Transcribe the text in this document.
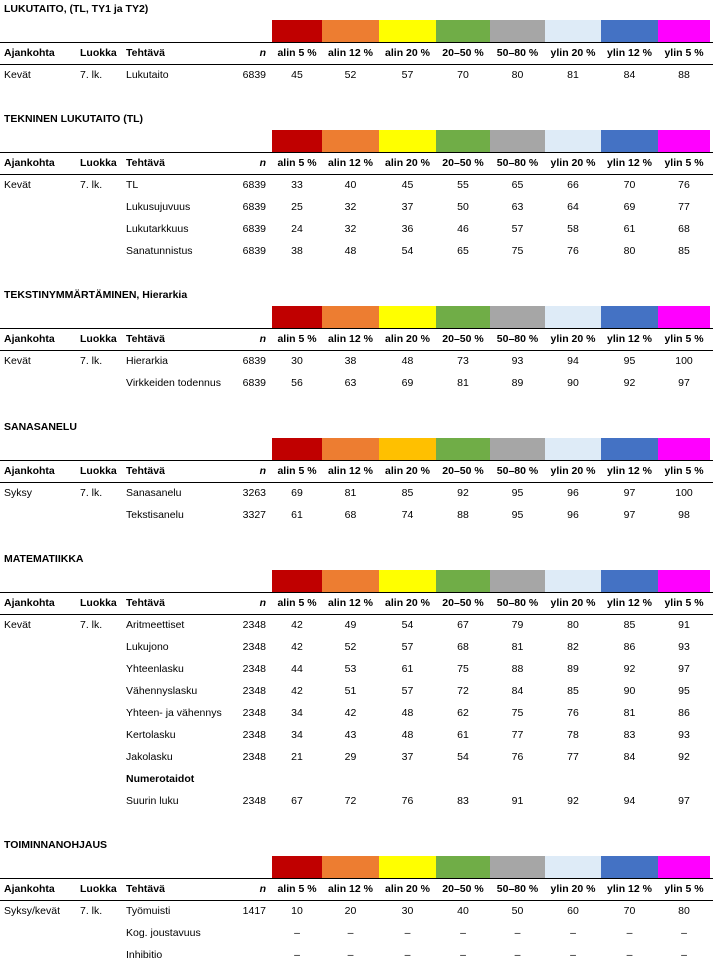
LUKUTAITO, (TL, TY1 ja TY2)
Ajankohta Luokka Tehtävä	n	alin 5 %	alin 12 %	alin 20 %	20–50 %	50–80 %	ylin 20 %	ylin 12 %	ylin 5 %
Kevät	7. lk. Lukutaito	6839	45	52	57	70	80	81	84	88
TEKNINEN LUKUTAITO (TL)
Ajankohta Luokka Tehtävä	n	alin 5 %	alin 12 %	alin 20 %	20–50 %	50–80 %	ylin 20 %	ylin 12 %	ylin 5 %
Kevät	7. lk. TL	6839	33	40	45	55	65	66	70	76
Lukusujuvuus	6839	25	32	37	50	63	64	69	77
Lukutarkkuus	6839	24	32	36	46	57	58	61	68
Sanatunnistus	6839	38	48	54	65	75	76	80	85
TEKSTINYMMÄRTÄMINEN, Hierarkia
Ajankohta Luokka Tehtävä	n	alin 5 %	alin 12 %	alin 20 %	20–50 %	50–80 %	ylin 20 %	ylin 12 %	ylin 5 %
Kevät	7. lk. Hierarkia	6839	30	38	48	73	93	94	95	100
Virkkeiden todennus	6839	56	63	69	81	89	90	92	97
SANASANELU
Ajankohta Luokka Tehtävä	n	alin 5 %	alin 12 %	alin 20 %	20–50 %	50–80 %	ylin 20 %	ylin 12 %	ylin 5 %
Syksy	7. lk. Sanasanelu	3263	69	81	85	92	95	96	97	100
Tekstisanelu	3327	61	68	74	88	95	96	97	98
MATEMATIIKKA
Ajankohta Luokka Tehtävä	n	alin 5 %	alin 12 %	alin 20 %	20–50 %	50–80 %	ylin 20 %	ylin 12 %	ylin 5 %
Kevät	7. lk. Aritmeettiset	2348	42	49	54	67	79	80	85	91
Lukujono	2348	42	52	57	68	81	82	86	93
Yhteenlasku	2348	44	53	61	75	88	89	92	97
Vähennyslasku	2348	42	51	57	72	84	85	90	95
Yhteen- ja vähennys	2348	34	42	48	62	75	76	81	86
Kertolasku	2348	34	43	48	61	77	78	83	93
Jakolasku	2348	21	29	37	54	76	77	84	92
Numerotaidot
Suurin luku	2348	67	72	76	83	91	92	94	97
TOIMINNANOHJAUS
Ajankohta Luokka Tehtävä	n	alin 5 %	alin 12 %	alin 20 %	20–50 %	50–80 %	ylin 20 %	ylin 12 %	ylin 5 %
Syksy/kevät 7. lk. Työmuisti	1417	10	20	30	40	50	60	70	80
Kog. joustavuus	–	–	–	–	–	–	–	–
Inhibitio	–	–	–	–	–	–	–	–
